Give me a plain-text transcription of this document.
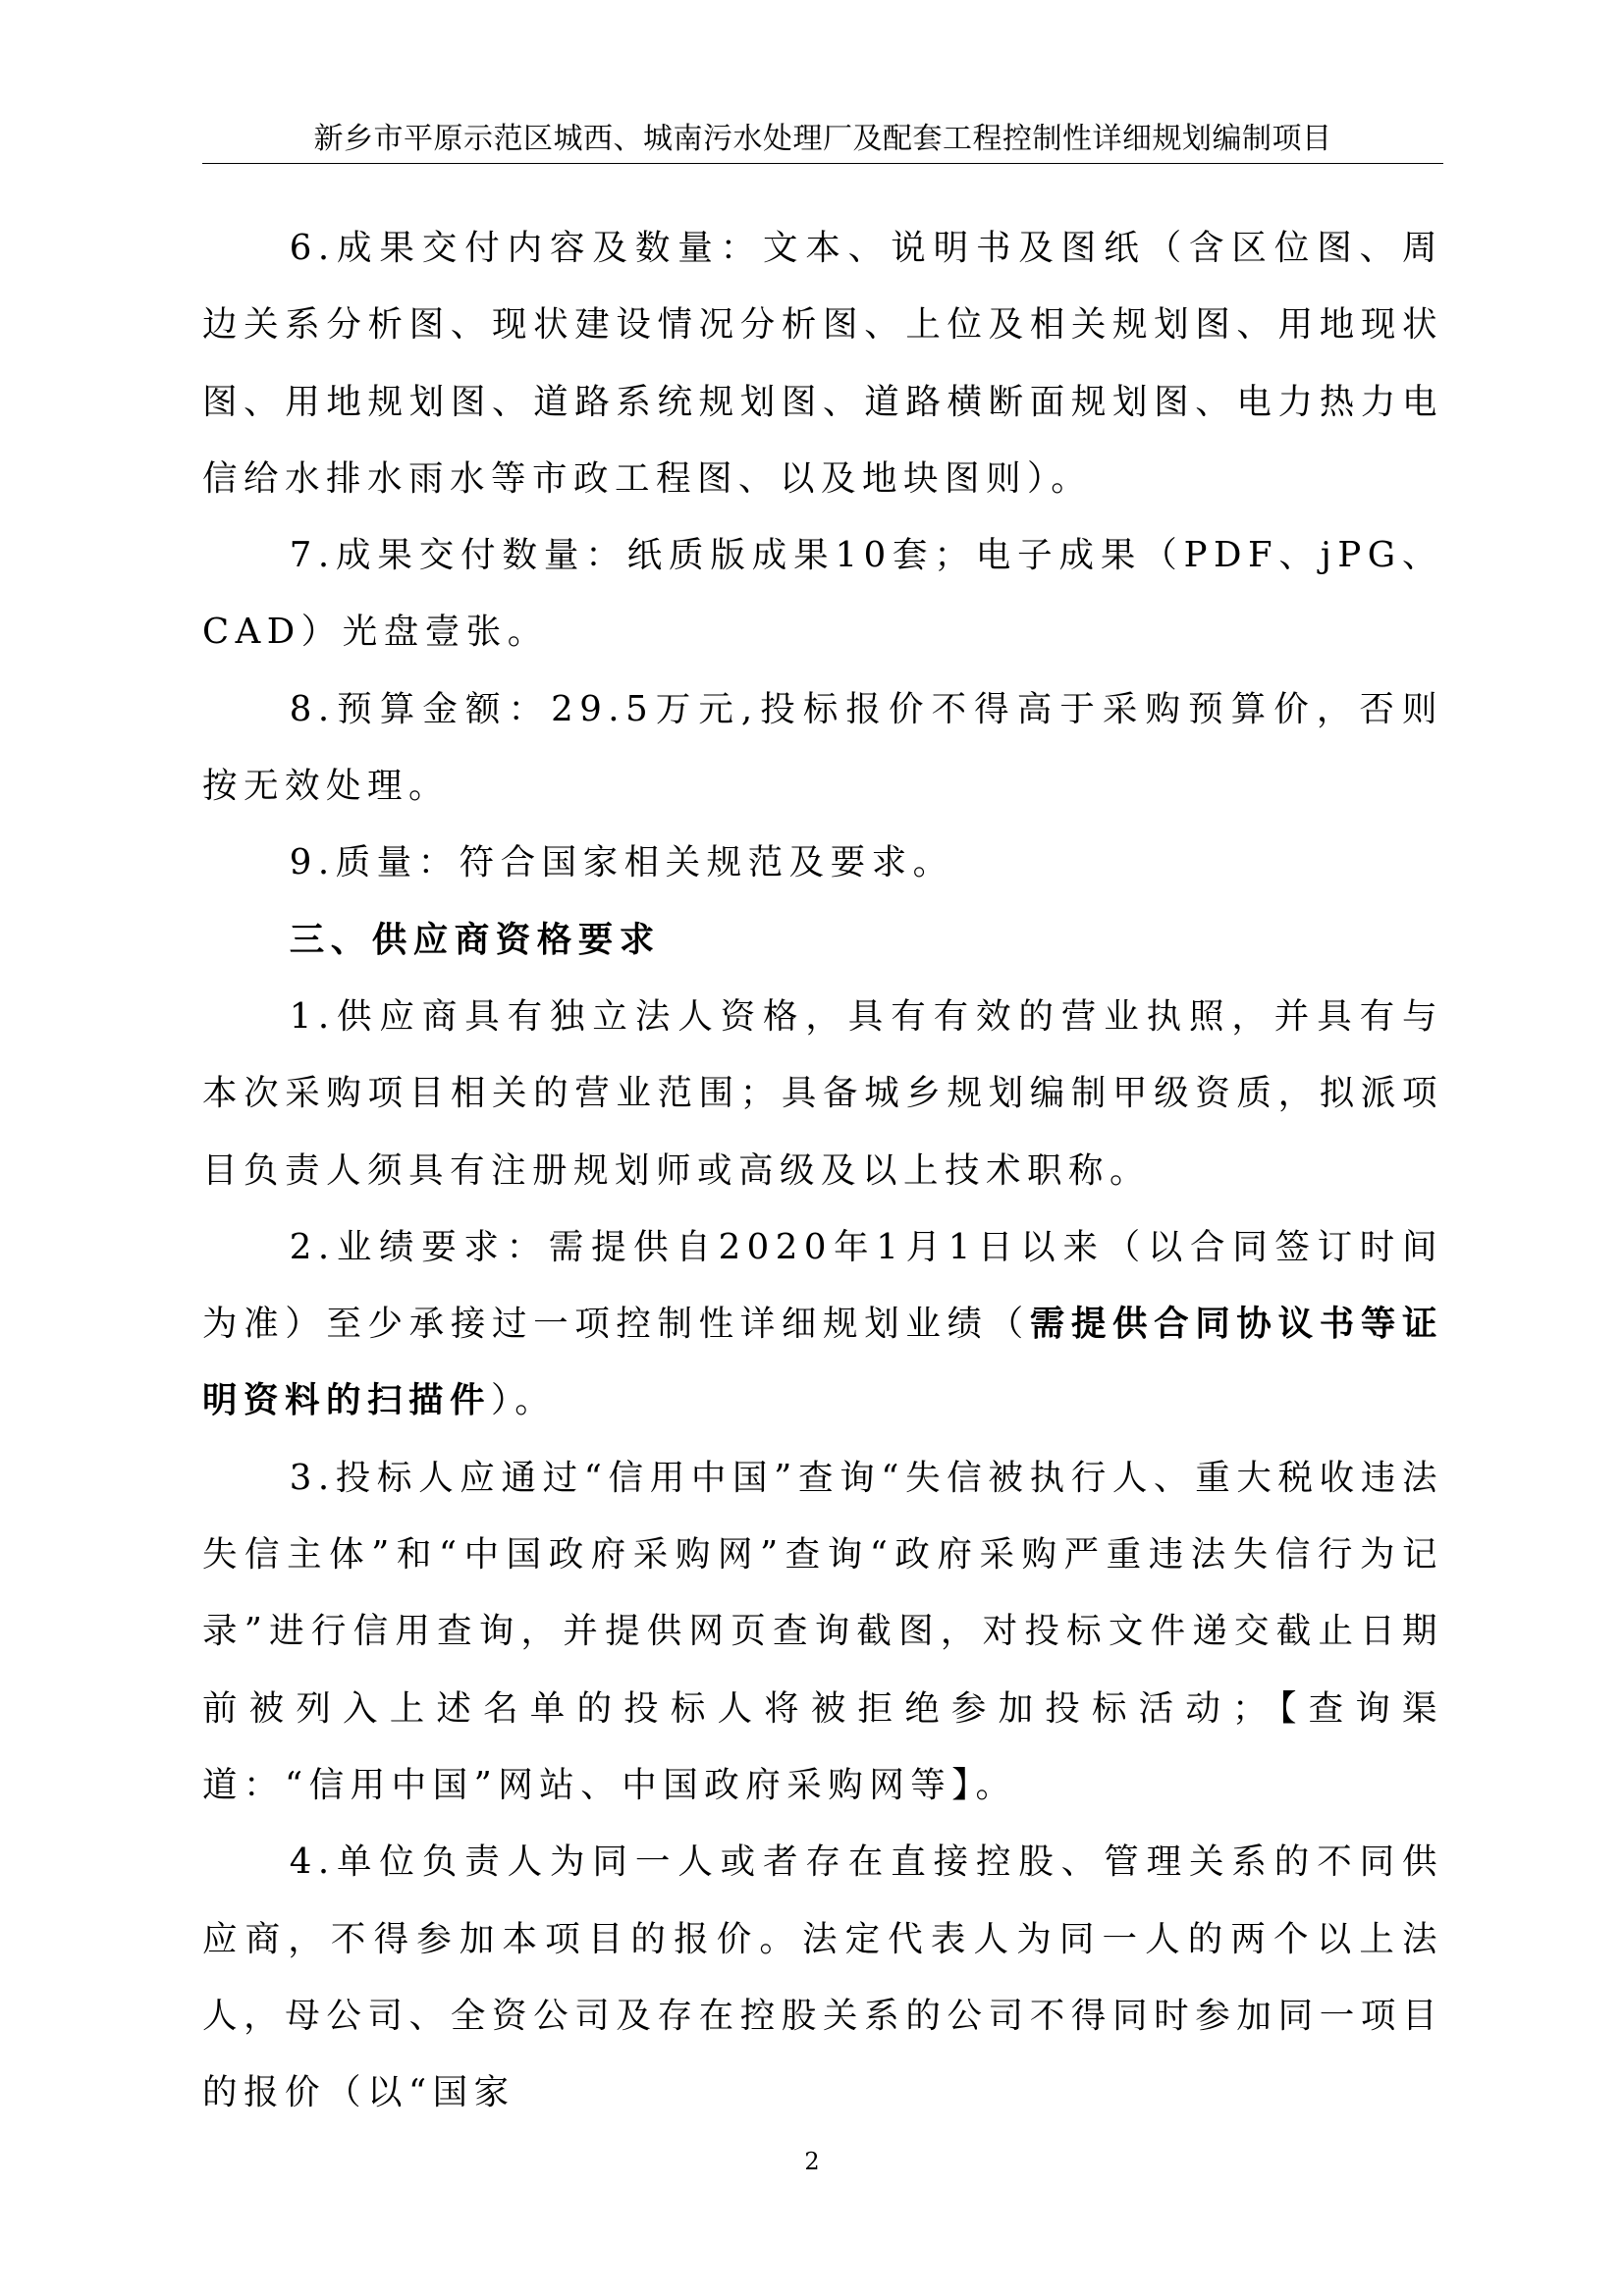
新乡市平原示范区城西、城南污水处理厂及配套工程控制性详细规划编制项目

6.成果交付内容及数量：文本、说明书及图纸（含区位图、周边关系分析图、现状建设情况分析图、上位及相关规划图、用地现状图、用地规划图、道路系统规划图、道路横断面规划图、电力热力电信给水排水雨水等市政工程图、以及地块图则）。

7.成果交付数量：纸质版成果10套；电子成果（PDF、jPG、CAD）光盘壹张。

8.预算金额：29.5万元,投标报价不得高于采购预算价，否则按无效处理。

9.质量：符合国家相关规范及要求。

三、供应商资格要求

1.供应商具有独立法人资格，具有有效的营业执照，并具有与本次采购项目相关的营业范围；具备城乡规划编制甲级资质，拟派项目负责人须具有注册规划师或高级及以上技术职称。

2.业绩要求：需提供自2020年1月1日以来（以合同签订时间为准）至少承接过一项控制性详细规划业绩（需提供合同协议书等证明资料的扫描件）。

3.投标人应通过“信用中国”查询“失信被执行人、重大税收违法失信主体”和“中国政府采购网”查询“政府采购严重违法失信行为记录”进行信用查询，并提供网页查询截图，对投标文件递交截止日期前被列入上述名单的投标人将被拒绝参加投标活动；【查询渠道：“信用中国”网站、中国政府采购网等】。

4.单位负责人为同一人或者存在直接控股、管理关系的不同供应商，不得参加本项目的报价。法定代表人为同一人的两个以上法人，母公司、全资公司及存在控股关系的公司不得同时参加同一项目的报价（以“国家

2
